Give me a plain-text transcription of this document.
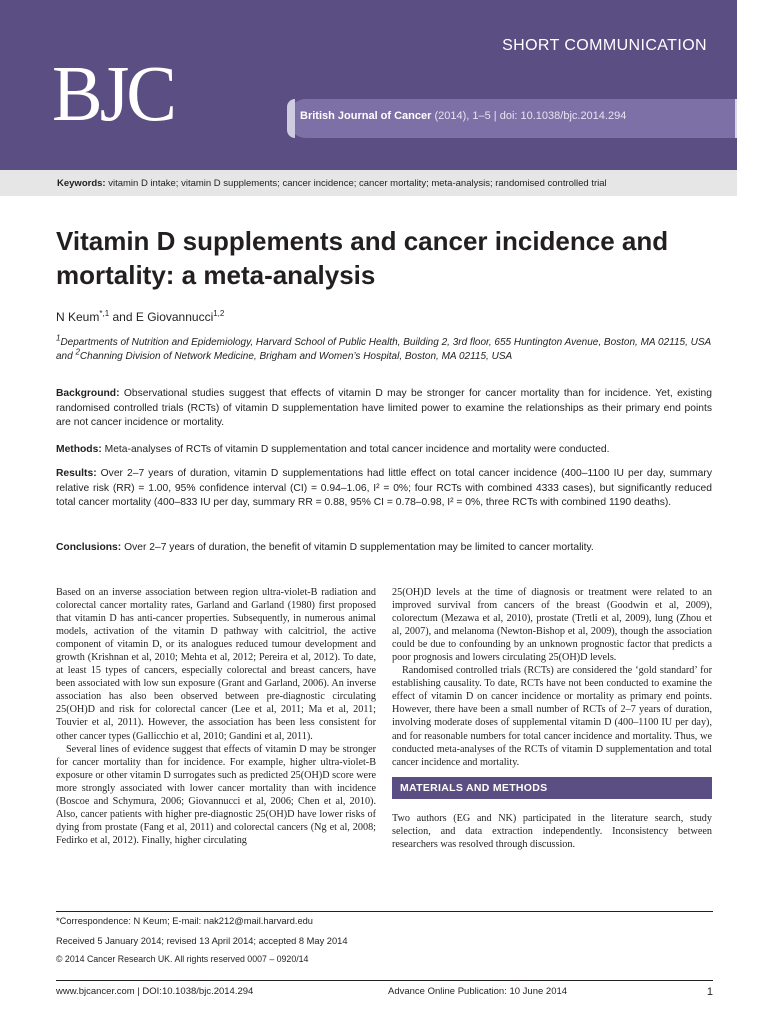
BJC
SHORT COMMUNICATION
British Journal of Cancer (2014), 1–5 | doi: 10.1038/bjc.2014.294
Keywords: vitamin D intake; vitamin D supplements; cancer incidence; cancer mortality; meta-analysis; randomised controlled trial
Vitamin D supplements and cancer incidence and mortality: a meta-analysis
N Keum$^{*,1}$ and E Giovannucci$^{1,2}$
$^1$Departments of Nutrition and Epidemiology, Harvard School of Public Health, Building 2, 3rd floor, 655 Huntington Avenue, Boston, MA 02115, USA and $^2$Channing Division of Network Medicine, Brigham and Women’s Hospital, Boston, MA 02115, USA
Background: Observational studies suggest that effects of vitamin D may be stronger for cancer mortality than for incidence. Yet, existing randomised controlled trials (RCTs) of vitamin D supplementation have limited power to examine the relationships as their primary end points are not cancer incidence or mortality.
Methods: Meta-analyses of RCTs of vitamin D supplementation and total cancer incidence and mortality were conducted.
Results: Over 2–7 years of duration, vitamin D supplementations had little effect on total cancer incidence (400–1100 IU per day, summary relative risk (RR) = 1.00, 95% confidence interval (CI) = 0.94–1.06, I² = 0%; four RCTs with combined 4333 cases), but significantly reduced total cancer mortality (400–833 IU per day, summary RR = 0.88, 95% CI = 0.78–0.98, I² = 0%, three RCTs with combined 1190 deaths).
Conclusions: Over 2–7 years of duration, the benefit of vitamin D supplementation may be limited to cancer mortality.

Based on an inverse association between region ultra-violet-B radiation and colorectal cancer mortality rates, Garland and Garland (1980) first proposed that vitamin D has anti-cancer properties. Subsequently, in numerous animal models, activation of the vitamin D pathway with calcitriol, the active component of vitamin D, or its analogues reduced tumour development and growth (Krishnan et al, 2010; Mehta et al, 2012; Pereira et al, 2012). To date, at least 15 types of cancers, especially colorectal and breast cancers, have been associated with low sun exposure (Grant and Garland, 2006). An inverse association has also been observed between pre-diagnostic circulating 25(OH)D and risk for colorectal cancer (Lee et al, 2011; Ma et al, 2011; Touvier et al, 2011). However, the association has been less consistent for other cancer types (Gallicchio et al, 2010; Gandini et al, 2011).

Several lines of evidence suggest that effects of vitamin D may be stronger for cancer mortality than for incidence. For example, higher ultra-violet-B exposure or other vitamin D surrogates such as predicted 25(OH)D score were more strongly associated with lower cancer mortality than with incidence (Boscoe and Schymura, 2006; Giovannucci et al, 2006; Chen et al, 2010). Also, cancer patients with higher pre-diagnostic 25(OH)D have lower risks of dying from prostate (Fang et al, 2011) and colorectal cancers (Ng et al, 2008; Fedirko et al, 2012). Finally, higher circulating

25(OH)D levels at the time of diagnosis or treatment were related to an improved survival from cancers of the breast (Goodwin et al, 2009), colorectum (Mezawa et al, 2010), prostate (Tretli et al, 2009), lung (Zhou et al, 2007), and melanoma (Newton-Bishop et al, 2009), though the association could be due to confounding by an unknown prognostic factor that predicts a poor prognosis and lowers circulating 25(OH)D levels.

Randomised controlled trials (RCTs) are considered the ‘gold standard’ for establishing causality. To date, RCTs have not been conducted to examine the effect of vitamin D on cancer incidence or mortality as primary end points. However, there have been a small number of RCTs of 2–7 years of duration, involving moderate doses of supplemental vitamin D (400–1100 IU per day), and for reasonable numbers for total cancer incidence and mortality. Thus, we conducted meta-analyses of the RCTs of vitamin D supplementation and total cancer incidence and mortality.

MATERIALS AND METHODS

Two authors (EG and NK) participated in the literature search, study selection, and data extraction independently. Inconsistency between researchers was resolved through discussion.

*Correspondence: N Keum; E-mail: nak212@mail.harvard.edu
Received 5 January 2014; revised 13 April 2014; accepted 8 May 2014
© 2014 Cancer Research UK. All rights reserved 0007 – 0920/14
www.bjcancer.com | DOI:10.1038/bjc.2014.294	Advance Online Publication: 10 June 2014	1
